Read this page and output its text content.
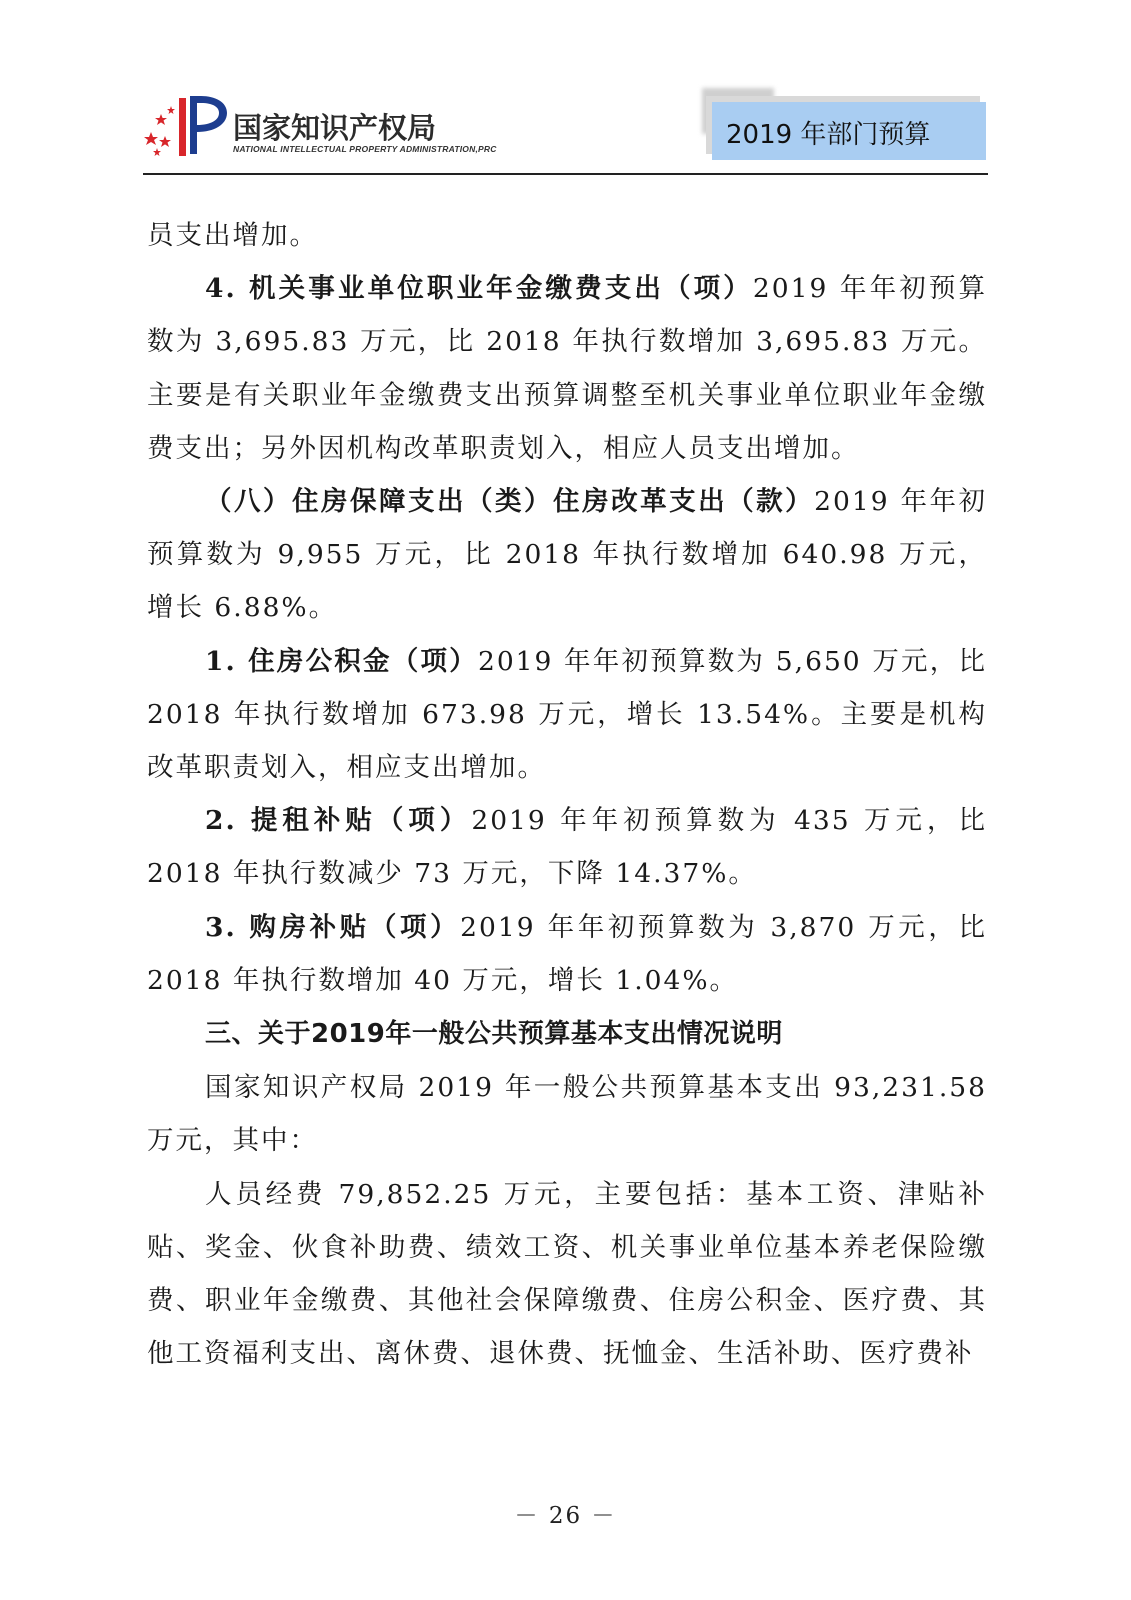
国家知识产权局
NATIONAL INTELLECTUAL PROPERTY ADMINISTRATION,PRC	2019 年部门预算

员支出增加。

4. 机关事业单位职业年金缴费支出（项）2019 年年初预算数为 3,695.83 万元，比 2018 年执行数增加 3,695.83 万元。主要是有关职业年金缴费支出预算调整至机关事业单位职业年金缴费支出；另外因机构改革职责划入，相应人员支出增加。

（八）住房保障支出（类）住房改革支出（款）2019 年年初预算数为 9,955 万元，比 2018 年执行数增加 640.98 万元，增长 6.88%。

1. 住房公积金（项）2019 年年初预算数为 5,650 万元，比 2018 年执行数增加 673.98 万元，增长 13.54%。主要是机构改革职责划入，相应支出增加。

2. 提租补贴（项）2019 年年初预算数为 435 万元，比 2018 年执行数减少 73 万元，下降 14.37%。

3. 购房补贴（项）2019 年年初预算数为 3,870 万元，比 2018 年执行数增加 40 万元，增长 1.04%。

三、关于2019年一般公共预算基本支出情况说明

国家知识产权局 2019 年一般公共预算基本支出 93,231.58 万元，其中：

人员经费 79,852.25 万元，主要包括：基本工资、津贴补贴、奖金、伙食补助费、绩效工资、机关事业单位基本养老保险缴费、职业年金缴费、其他社会保障缴费、住房公积金、医疗费、其他工资福利支出、离休费、退休费、抚恤金、生活补助、医疗费补

－ 26 －
